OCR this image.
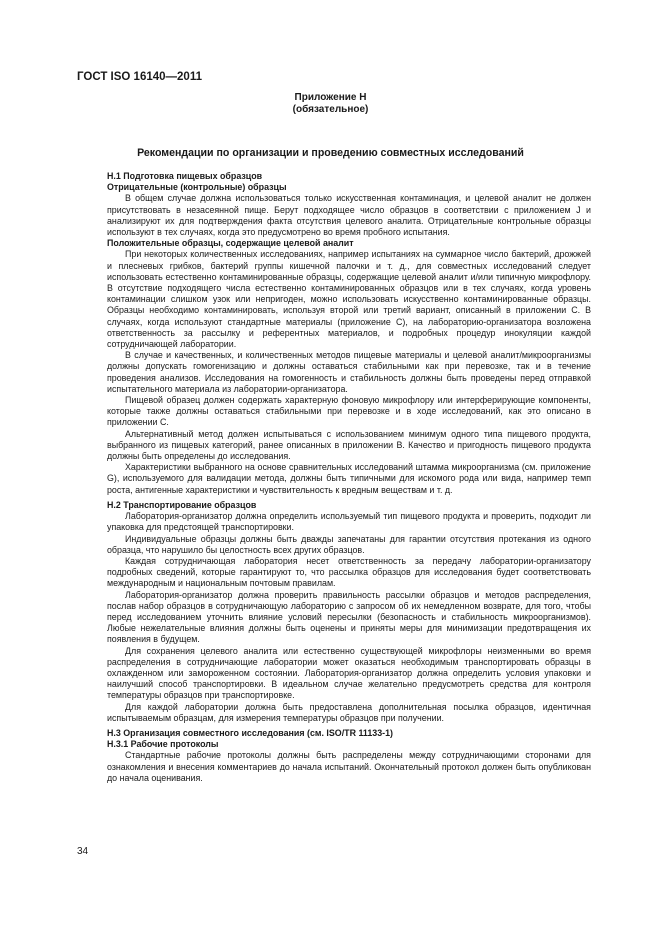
ГОСТ ISO 16140—2011
Приложение Н
(обязательное)
Рекомендации по организации и проведению совместных исследований
Н.1 Подготовка пищевых образцов
Отрицательные (контрольные) образцы

В общем случае должна использоваться только искусственная контаминация, и целевой аналит не должен присутствовать в незасеянной пище. Берут подходящее число образцов в соответствии с приложением J и анализируют их для подтверждения факта отсутствия целевого аналита. Отрицательные контрольные образцы используют в тех случаях, когда это предусмотрено во время пробного испытания.

Положительные образцы, содержащие целевой аналит

При некоторых количественных исследованиях, например испытаниях на суммарное число бактерий, дрожжей и плесневых грибков, бактерий группы кишечной палочки и т. д., для совместных исследований следует использовать естественно контаминированные образцы, содержащие целевой аналит и/или типичную микрофлору. В отсутствие подходящего числа естественно контаминированных образцов или в тех случаях, когда уровень контаминации слишком узок или непригоден, можно использовать искусственно контаминированные образцы. Образцы необходимо контаминировать, используя второй или третий вариант, описанный в приложении С. В случаях, когда используют стандартные материалы (приложение С), на лабораторию-организатора возложена ответственность за рассылку и референтных материалов, и подробных процедур инокуляции каждой сотрудничающей лаборатории.

В случае и качественных, и количественных методов пищевые материалы и целевой аналит/микроорганизмы должны допускать гомогенизацию и должны оставаться стабильными как при перевозке, так и в течение проведения анализов. Исследования на гомогенность и стабильность должны быть проведены перед отправкой испытательного материала из лаборатории-организатора.

Пищевой образец должен содержать характерную фоновую микрофлору или интерферирующие компоненты, которые также должны оставаться стабильными при перевозке и в ходе исследований, как это описано в приложении С.

Альтернативный метод должен испытываться с использованием минимум одного типа пищевого продукта, выбранного из пищевых категорий, ранее описанных в приложении В. Качество и пригодность пищевого продукта должны быть определены до исследования.

Характеристики выбранного на основе сравнительных исследований штамма микроорганизма (см. приложение G), используемого для валидации метода, должны быть типичными для искомого рода или вида, например темп роста, антигенные характеристики и чувствительность к вредным веществам и т. д.

Н.2 Транспортирование образцов

Лаборатория-организатор должна определить используемый тип пищевого продукта и проверить, подходит ли упаковка для предстоящей транспортировки.

Индивидуальные образцы должны быть дважды запечатаны для гарантии отсутствия протекания из одного образца, что нарушило бы целостность всех других образцов.

Каждая сотрудничающая лаборатория несет ответственность за передачу лаборатории-организатору подробных сведений, которые гарантируют то, что рассылка образцов для исследования будет соответствовать международным и национальным почтовым правилам.

Лаборатория-организатор должна проверить правильность рассылки образцов и методов распределения, послав набор образцов в сотрудничающую лабораторию с запросом об их немедленном возврате, для того, чтобы перед исследованием уточнить влияние условий пересылки (безопасность и стабильность микроорганизмов). Любые нежелательные влияния должны быть оценены и приняты меры для минимизации предотвращения их появления в будущем.

Для сохранения целевого аналита или естественно существующей микрофлоры неизменными во время распределения в сотрудничающие лаборатории может оказаться необходимым транспортировать образцы в охлажденном или замороженном состоянии. Лаборатория-организатор должна определить условия упаковки и наилучший способ транспортировки. В идеальном случае желательно предусмотреть средства для контроля температуры образцов при транспортировке.

Для каждой лаборатории должна быть предоставлена дополнительная посылка образцов, идентичная испытываемым образцам, для измерения температуры образцов при получении.

Н.3 Организация совместного исследования (см. ISO/TR 11133-1)
Н.3.1 Рабочие протоколы

Стандартные рабочие протоколы должны быть распределены между сотрудничающими сторонами для ознакомления и внесения комментариев до начала испытаний. Окончательный протокол должен быть опубликован до начала оценивания.

34
